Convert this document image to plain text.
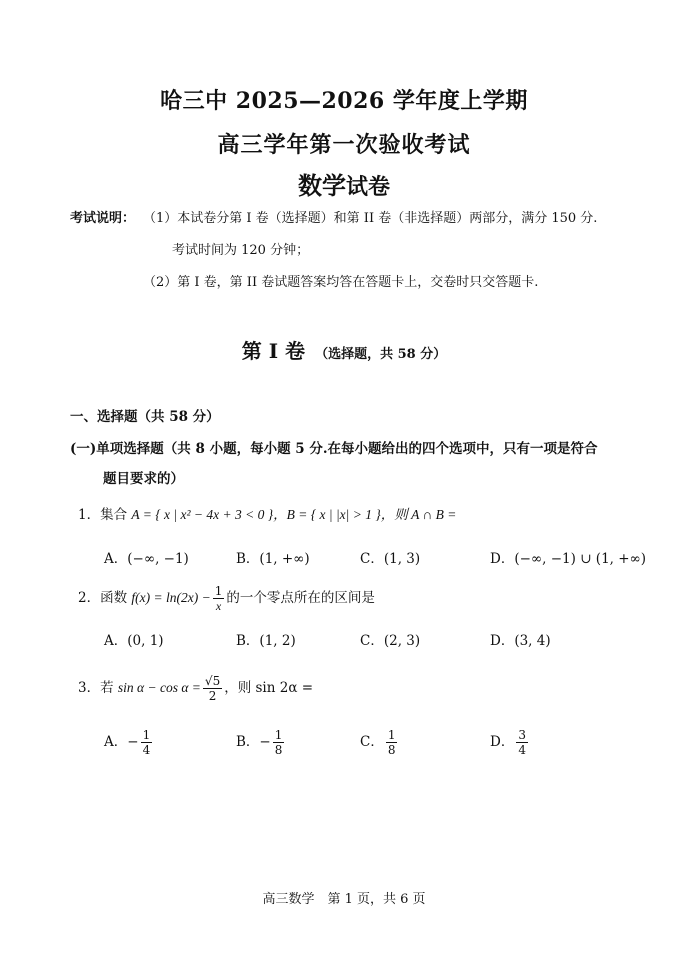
哈三中 2025—2026 学年度上学期
高三学年第一次验收考试
数学试卷
考试说明： （1）本试卷分第 I 卷（选择题）和第 II 卷（非选择题）两部分，满分 150 分.
考试时间为 120 分钟；
（2）第 I 卷，第 II 卷试题答案均答在答题卡上，交卷时只交答题卡.
第 I 卷 （选择题，共 58 分）
一、选择题（共 58 分）
(一)单项选择题（共 8 小题，每小题 5 分.在每小题给出的四个选项中，只有一项是符合
题目要求的）
1．集合 A = { x | x² − 4x + 3 < 0 }，B = { x | |x| > 1 }，则 A ∩ B =
A．(−∞, −1)	B．(1, +∞)	C．(1, 3)	D．(−∞, −1) ∪ (1, +∞)
2．函数 $f(x) = \ln(2x) - \frac{1}{x}$ 的一个零点所在的区间是
A．(0, 1)	B．(1, 2)	C．(2, 3)	D．(3, 4)
3．若 $\sin \alpha - \cos \alpha = \frac{√5}{2}$ ，则 sin 2α =
A．− $\frac{1}{4}$	B．− $\frac{1}{8}$	C． $\frac{1}{8}$	D． $\frac{3}{4}$
高三数学　第 1 页，共 6 页
